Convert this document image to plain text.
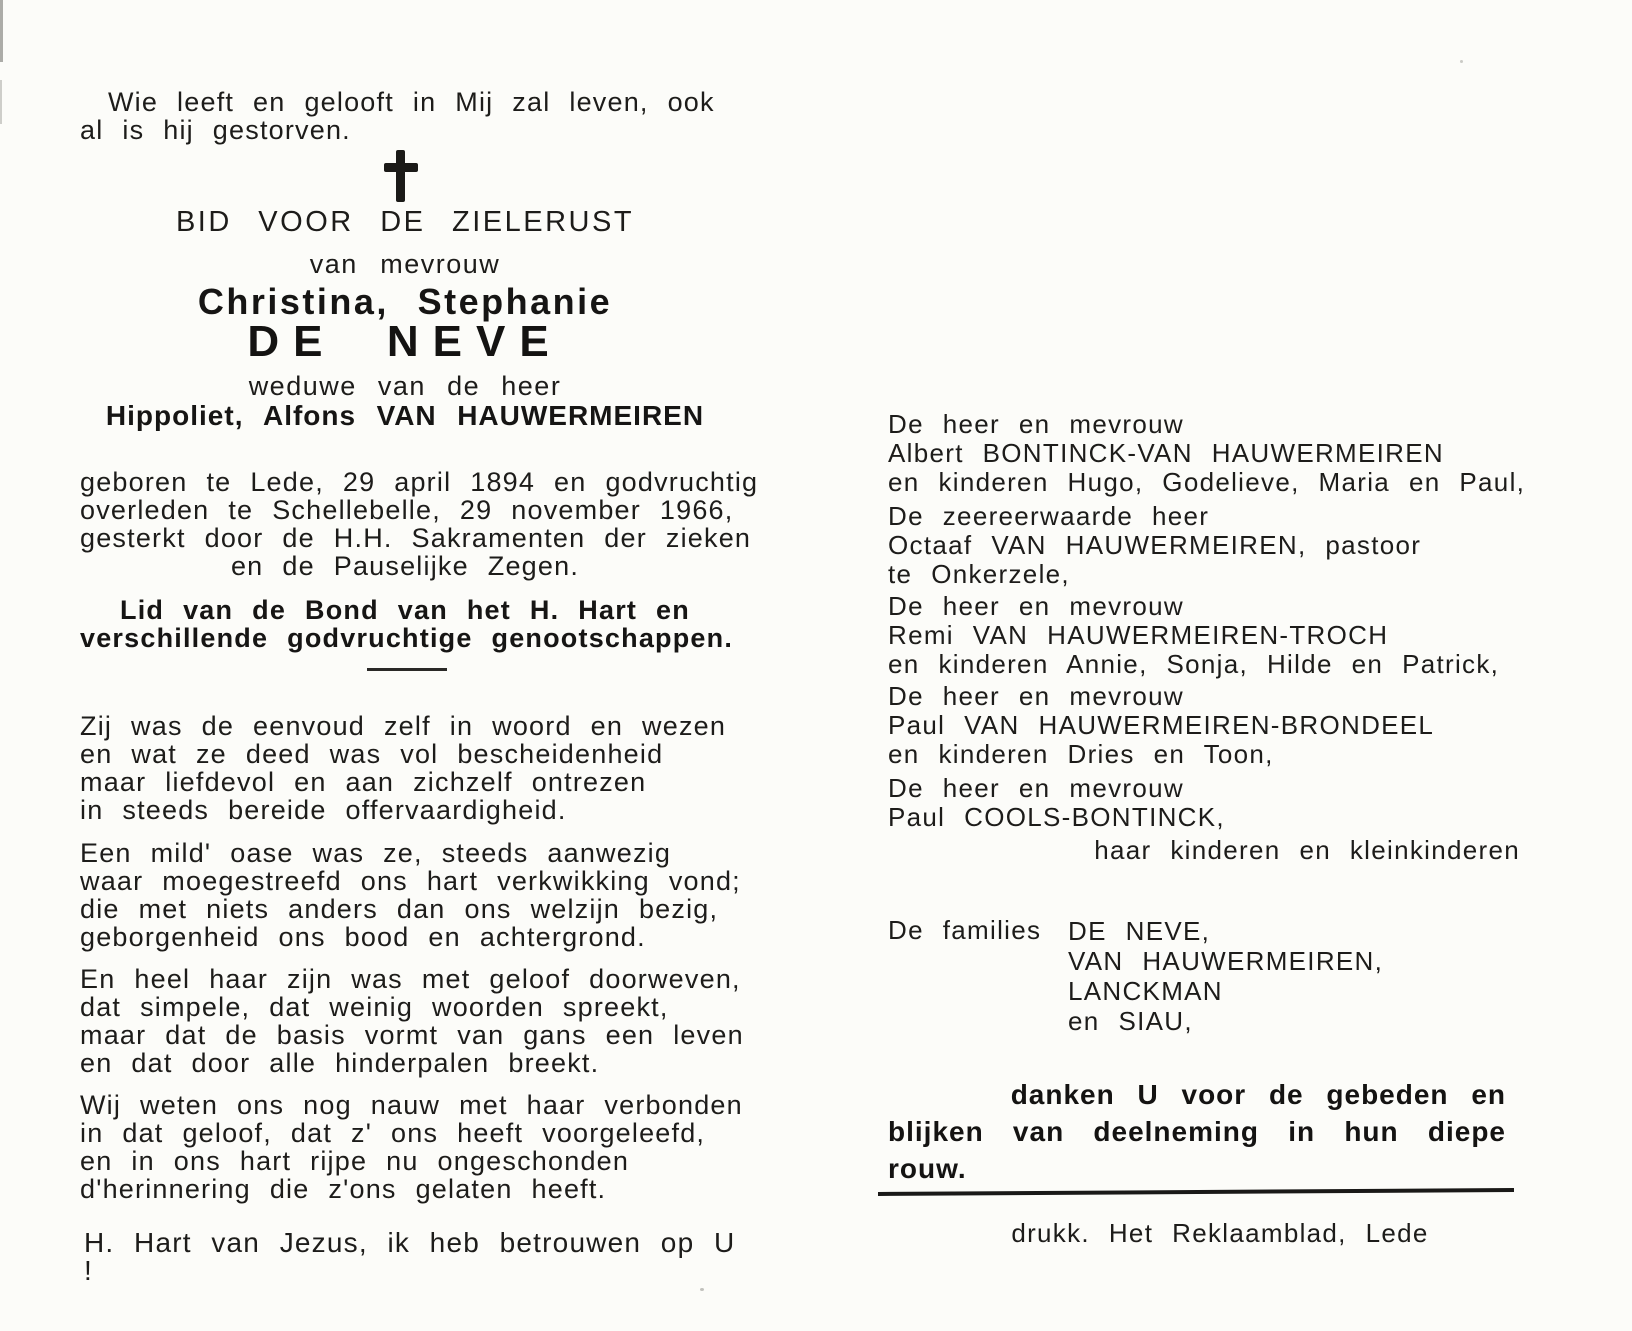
Wie leeft en gelooft in Mij zal leven, ook
al is hij gestorven.
BID VOOR DE ZIELERUST
van mevrouw
Christina, Stephanie
DE NEVE
weduwe van de heer
Hippoliet, Alfons VAN HAUWERMEIREN
geboren te Lede, 29 april 1894 en godvruchtig
overleden te Schellebelle, 29 november 1966,
gesterkt door de H.H. Sakramenten der zieken
en de Pauselijke Zegen.
Lid van de Bond van het H. Hart en
verschillende godvruchtige genootschappen.
Zij was de eenvoud zelf in woord en wezen
en wat ze deed was vol bescheidenheid
maar liefdevol en aan zichzelf ontrezen
in steeds bereide offervaardigheid.
Een mild' oase was ze, steeds aanwezig
waar moegestreefd ons hart verkwikking vond;
die met niets anders dan ons welzijn bezig,
geborgenheid ons bood en achtergrond.
En heel haar zijn was met geloof doorweven,
dat simpele, dat weinig woorden spreekt,
maar dat de basis vormt van gans een leven
en dat door alle hinderpalen breekt.
Wij weten ons nog nauw met haar verbonden
in dat geloof, dat z' ons heeft voorgeleefd,
en in ons hart rijpe nu ongeschonden
d'herinnering die z'ons gelaten heeft.
H. Hart van Jezus, ik heb betrouwen op U !
De heer en mevrouw
Albert BONTINCK-VAN HAUWERMEIREN
en kinderen Hugo, Godelieve, Maria en Paul,
De zeereerwaarde heer
Octaaf VAN HAUWERMEIREN, pastoor
te Onkerzele,
De heer en mevrouw
Remi VAN HAUWERMEIREN-TROCH
en kinderen Annie, Sonja, Hilde en Patrick,
De heer en mevrouw
Paul VAN HAUWERMEIREN-BRONDEEL
en kinderen Dries en Toon,
De heer en mevrouw
Paul COOLS-BONTINCK,
haar kinderen en kleinkinderen
De families	DE NEVE,
VAN HAUWERMEIREN,
LANCKMAN
en SIAU,
danken U voor de gebeden en
blijken van deelneming in hun diepe rouw.
drukk. Het Reklaamblad, Lede
